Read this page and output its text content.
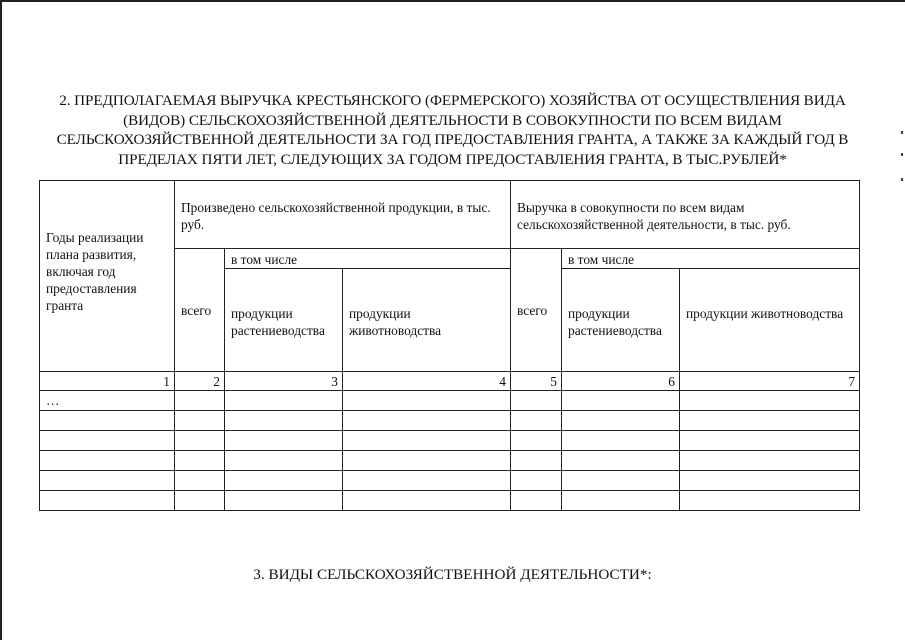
2. ПРЕДПОЛАГАЕМАЯ ВЫРУЧКА КРЕСТЬЯНСКОГО (ФЕРМЕРСКОГО) ХОЗЯЙСТВА ОТ ОСУЩЕСТВЛЕНИЯ ВИДА
(ВИДОВ) СЕЛЬСКОХОЗЯЙСТВЕННОЙ ДЕЯТЕЛЬНОСТИ В СОВОКУПНОСТИ ПО ВСЕМ ВИДАМ
СЕЛЬСКОХОЗЯЙСТВЕННОЙ ДЕЯТЕЛЬНОСТИ ЗА ГОД ПРЕДОСТАВЛЕНИЯ ГРАНТА, А ТАКЖЕ ЗА КАЖДЫЙ ГОД В
ПРЕДЕЛАХ ПЯТИ ЛЕТ, СЛЕДУЮЩИХ ЗА ГОДОМ ПРЕДОСТАВЛЕНИЯ ГРАНТА, В ТЫС.РУБЛЕЙ*
Годы реализации плана развития, включая год предоставления гранта	Произведено сельскохозяйственной продукции, в тыс. руб.			Выручка в совокупности по всем видам сельскохозяйственной деятельности, в тыс. руб.		
	всего	в том числе		всего	в том числе	
		продукции растениеводства	продукции животноводства		продукции растениеводства	продукции животноводства
1	2	3	4	5	6	7
…						

3. ВИДЫ СЕЛЬСКОХОЗЯЙСТВЕННОЙ ДЕЯТЕЛЬНОСТИ*:
